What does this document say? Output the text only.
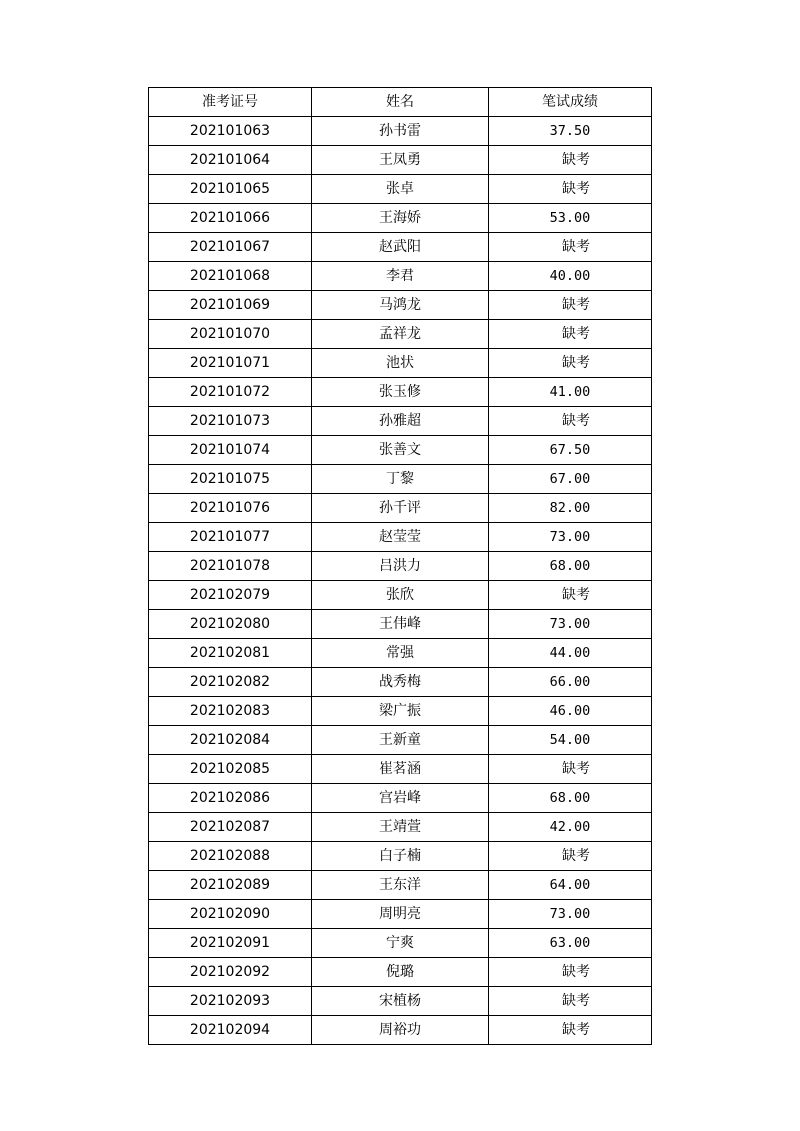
准考证号	姓名	笔试成绩
202101063	孙书雷	37.50
202101064	王凤勇	缺考
202101065	张卓	缺考
202101066	王海娇	53.00
202101067	赵武阳	缺考
202101068	李君	40.00
202101069	马鸿龙	缺考
202101070	孟祥龙	缺考
202101071	池状	缺考
202101072	张玉修	41.00
202101073	孙雅超	缺考
202101074	张善文	67.50
202101075	丁黎	67.00
202101076	孙千评	82.00
202101077	赵莹莹	73.00
202101078	吕洪力	68.00
202102079	张欣	缺考
202102080	王伟峰	73.00
202102081	常强	44.00
202102082	战秀梅	66.00
202102083	梁广振	46.00
202102084	王新童	54.00
202102085	崔茗涵	缺考
202102086	宫岩峰	68.00
202102087	王靖萱	42.00
202102088	白子楠	缺考
202102089	王东洋	64.00
202102090	周明亮	73.00
202102091	宁爽	63.00
202102092	倪璐	缺考
202102093	宋植杨	缺考
202102094	周裕功	缺考
